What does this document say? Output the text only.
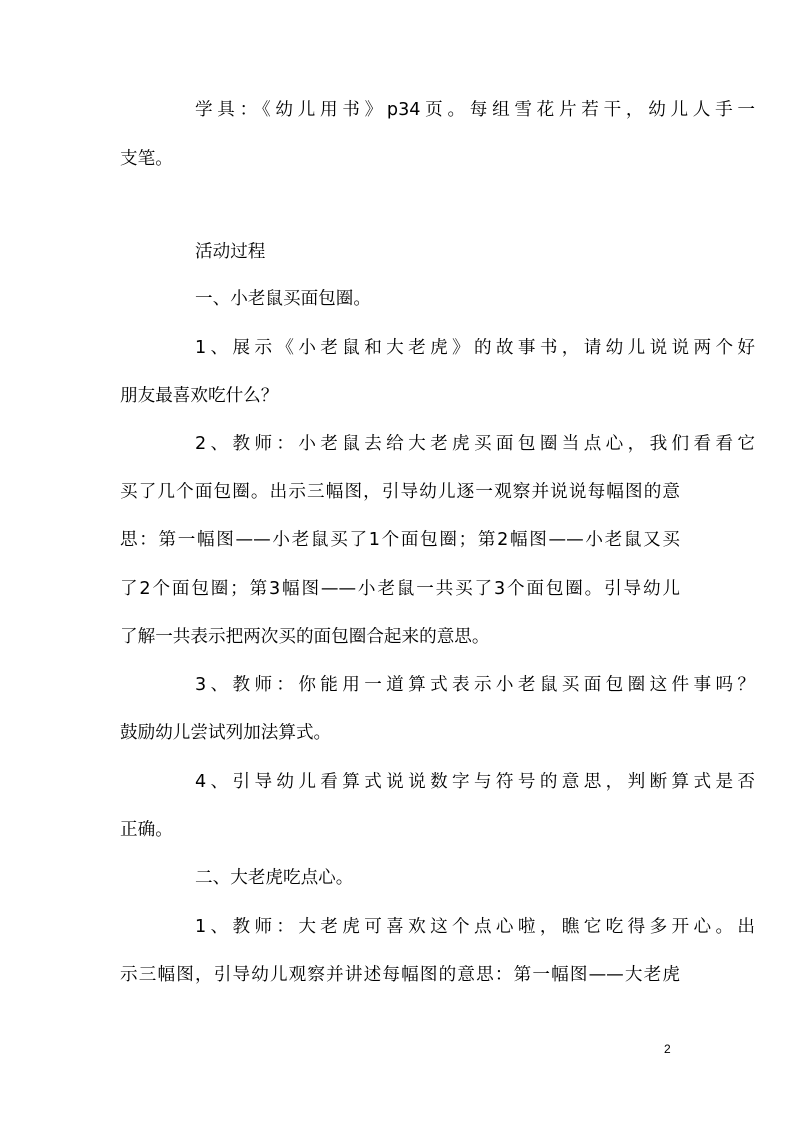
学具：《幼儿用书》p34页。每组雪花片若干，幼儿人手一

支笔。

活动过程

一、小老鼠买面包圈。

1、展示《小老鼠和大老虎》的故事书，请幼儿说说两个好

朋友最喜欢吃什么？

2、教师：小老鼠去给大老虎买面包圈当点心，我们看看它

买了几个面包圈。出示三幅图，引导幼儿逐一观察并说说每幅图的意

思：第一幅图——小老鼠买了1个面包圈；第2幅图——小老鼠又买

了2个面包圈；第3幅图——小老鼠一共买了3个面包圈。引导幼儿

了解一共表示把两次买的面包圈合起来的意思。

3、教师：你能用一道算式表示小老鼠买面包圈这件事吗？

鼓励幼儿尝试列加法算式。

4、引导幼儿看算式说说数字与符号的意思，判断算式是否

正确。

二、大老虎吃点心。

1、教师：大老虎可喜欢这个点心啦，瞧它吃得多开心。出

示三幅图，引导幼儿观察并讲述每幅图的意思：第一幅图——大老虎

2
